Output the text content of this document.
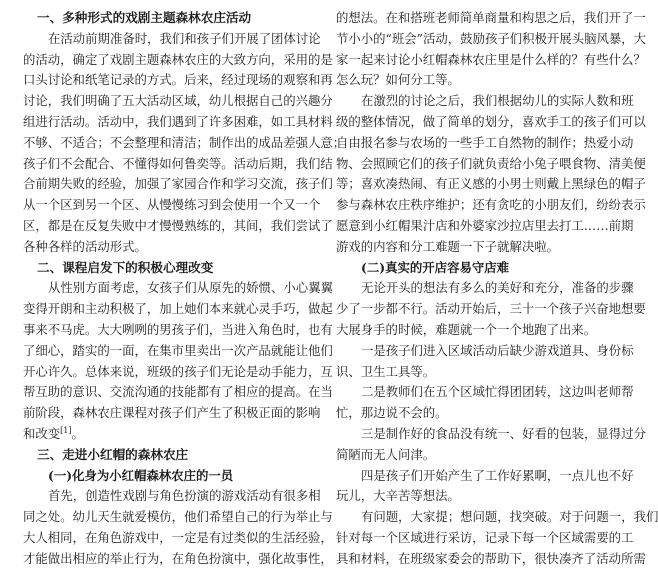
一、多种形式的戏剧主题森林农庄活动
在活动前期准备时，我们和孩子们开展了团体讨论
的活动，确定了戏剧主题森林农庄的大致方向，采用的是
口头讨论和纸笔记录的方式。后来，经过现场的观察和再
讨论，我们明确了五大活动区域，幼儿根据自己的兴趣分
组进行活动。活动中，我们遇到了许多困难，如工具材料
不够、不适合；不会整理和清洁；制作出的成品差强人意；
孩子们不会配合、不懂得如何鲁奕等。活动后期，我们结
合前期失败的经验，加强了家园合作和学习交流，孩子们
从一个区到另一个区、从慢慢练习到会使用一个又一个
区，都是在反复失败中才慢慢熟练的，其间，我们尝试了
各种各样的活动形式。
二、课程启发下的积极心理改变
从性别方面考虑，女孩子们从原先的娇惯、小心翼翼
变得开朗和主动积极了，加上她们本来就心灵手巧，做起
事来不马虎。大大咧咧的男孩子们，当进入角色时，也有
了细心，踏实的一面，在集市里卖出一次产品就能让他们
开心许久。总体来说，班级的孩子们无论是动手能力，互
帮互助的意识、交流沟通的技能都有了相应的提高。在当
前阶段，森林农庄课程对孩子们产生了积极正面的影响
和改变[1]。
三、走进小红帽的森林农庄
(一)化身为小红帽森林农庄的一员
首先，创造性戏剧与角色扮演的游戏活动有很多相
同之处。幼儿天生就爱模仿，他们希望自己的行为举止与
大人相同，在角色游戏中，一定是有过类似的生活经验，
才能做出相应的举止行为，在角色扮演中，强化故事性，
的想法。在和搭班老师简单商量和构思之后，我们开了一
节小小的“班会”活动，鼓励孩子们积极开展头脑风暴，大
家一起来讨论小红帽森林农庄里是什么样的？有些什么？
怎么玩？如何分工等。
在激烈的讨论之后，我们根据幼儿的实际人数和班
级的整体情况，做了简单的划分，喜欢手工的孩子们可以
自由报名参与农场的一些手工自然物的制作；热爱小动
物、会照顾它们的孩子们就负责给小兔子喂食物、清美便
等；喜欢凑热闹、有正义感的小男士则戴上黑绿色的帽子
参与森林农庄秩序维护；还有贪吃的小朋友们，纷纷表示
愿意到小红帽果汁店和外婆家沙拉店里去打工……前期
游戏的内容和分工难题一下子就解决啦。
(二)真实的开店容易守店难
无论开头的想法有多么的美好和充分，准备的步骤
少了一步都不行。活动开始后，三十一个孩子兴奋地想要
大展身手的时候，难题就一个一个地跑了出来。
一是孩子们进入区域活动后缺少游戏道具、身份标
识、卫生工具等。
二是教师们在五个区域忙得团团转，这边叫老师帮
忙，那边说不会的。
三是制作好的食品没有统一、好看的包装，显得过分
简陋而无人问津。
四是孩子们开始产生了工作好累啊，一点儿也不好
玩儿，大辛苦等想法。
有问题，大家提；想问题，找突破。对于问题一，我们
针对每一个区域进行采访，记录下每一个区域需要的工
具和材料，在班级家委会的帮助下，很快凑齐了活动所需
